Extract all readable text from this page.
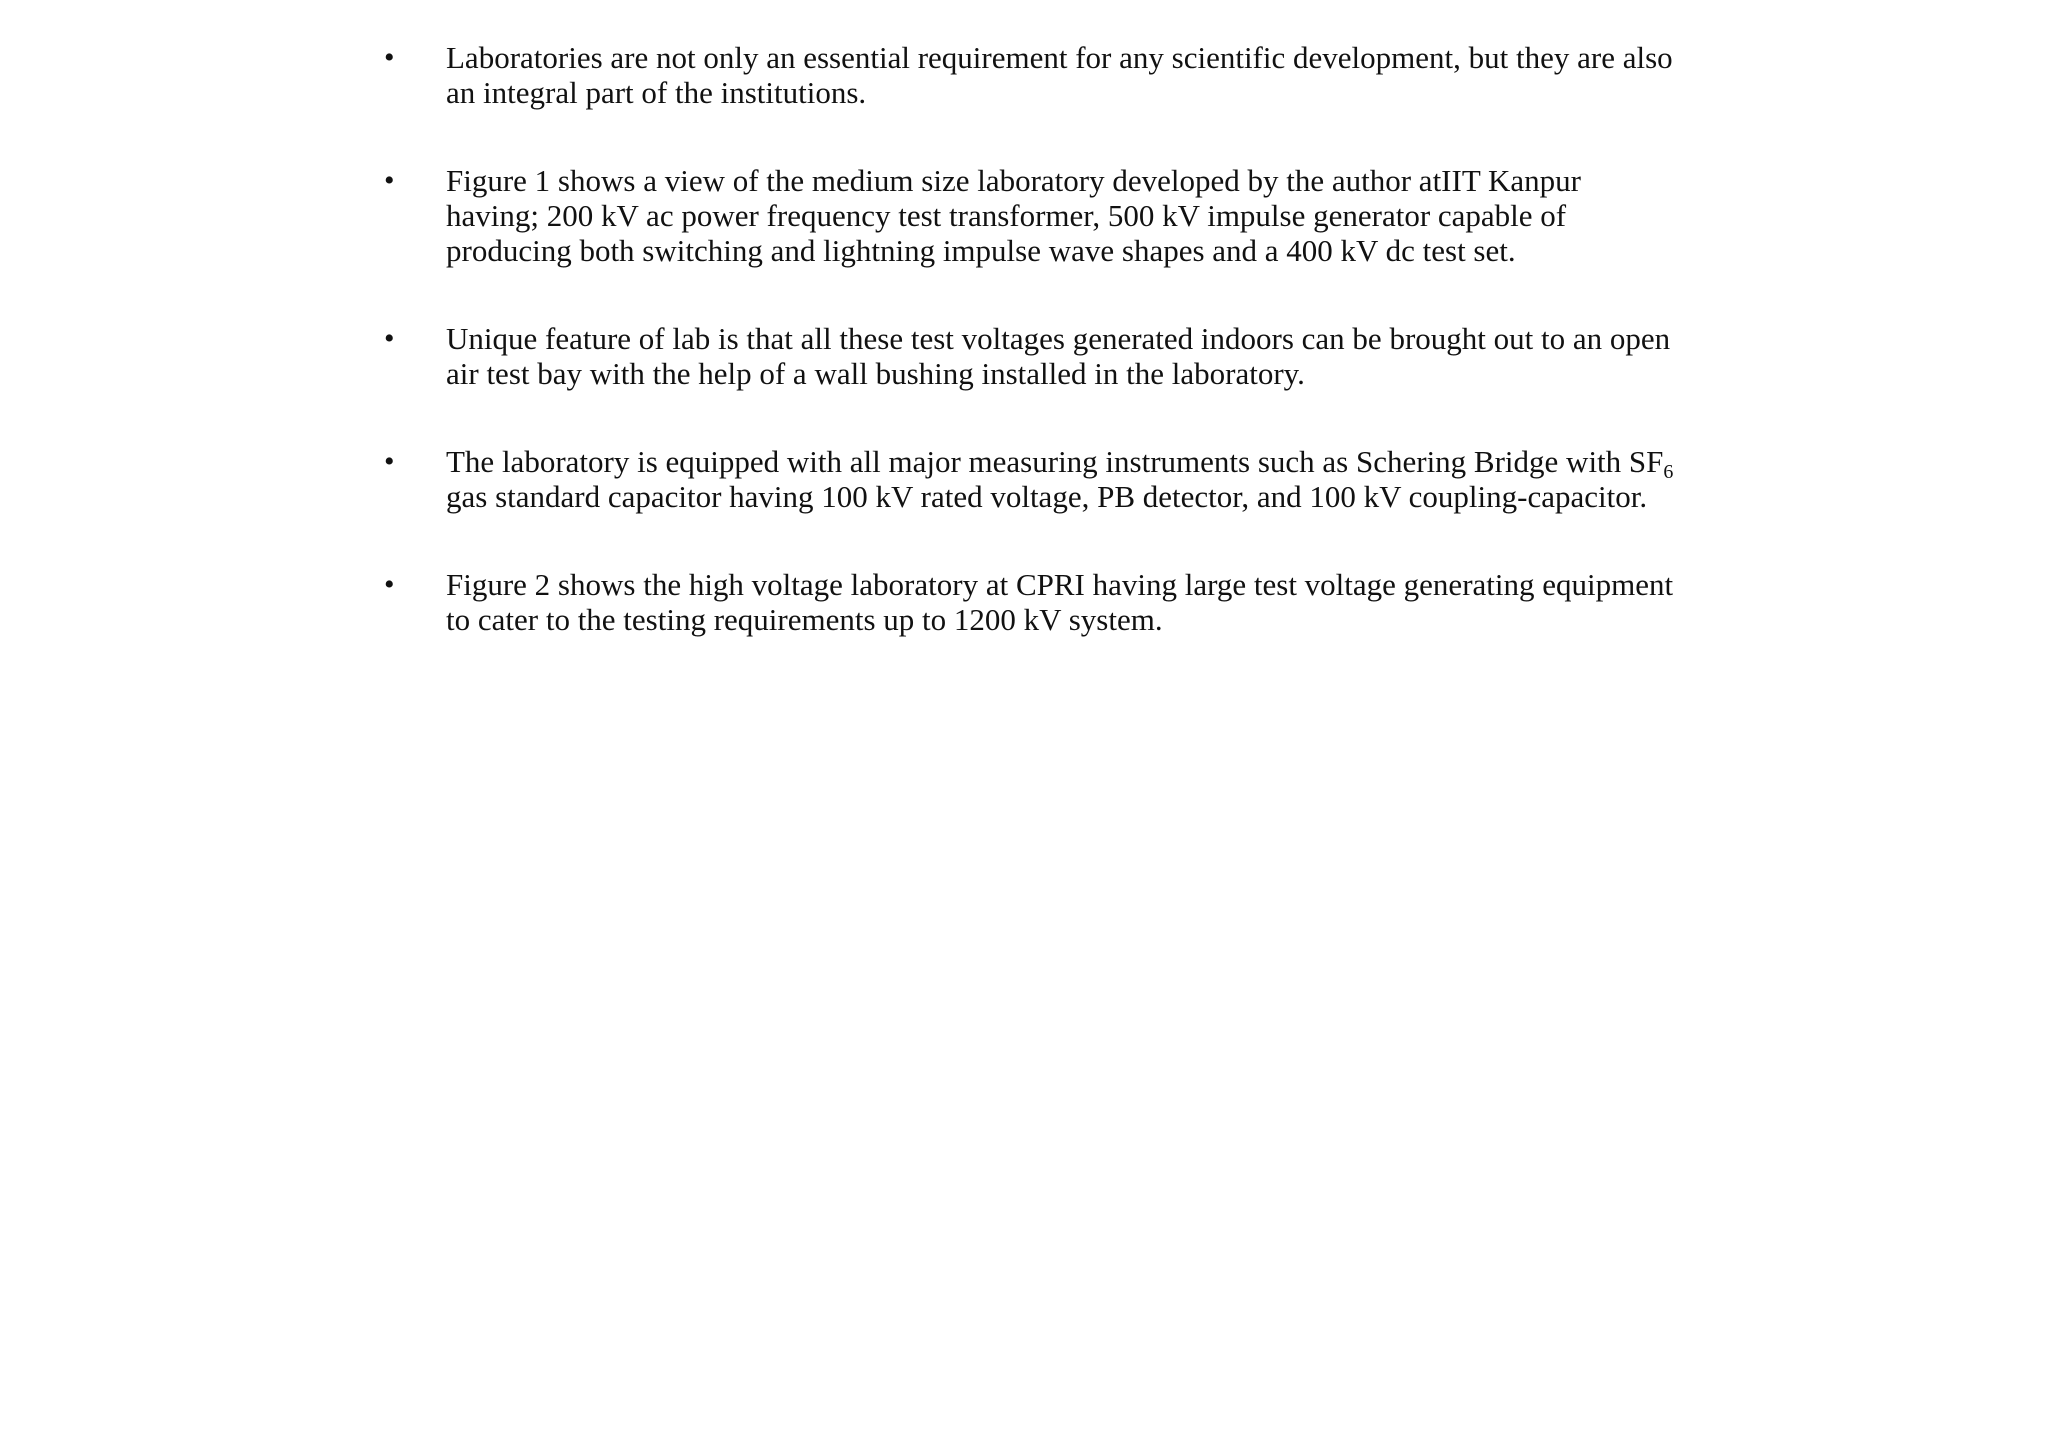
•	Laboratories are not only an essential requirement for any scientific development, but they are also an integral part of the institutions.
•	Figure 1 shows a view of the medium size laboratory developed by the author atIIT Kanpur having; 200 kV ac power frequency test transformer, 500 kV impulse generator capable of producing both switching and lightning impulse wave shapes and a 400 kV dc test set.
•	Unique feature of lab is that all these test voltages generated indoors can be brought out to an open air test bay with the help of a wall bushing installed in the laboratory.
•	The laboratory is equipped with all major measuring instruments such as Schering Bridge with $SF_6$ gas standard capacitor having 100 kV rated voltage, PB detector, and 100 kV coupling-capacitor.
•	Figure 2 shows the high voltage laboratory at CPRI having large test voltage generating equipment to cater to the testing requirements up to 1200 kV system.
